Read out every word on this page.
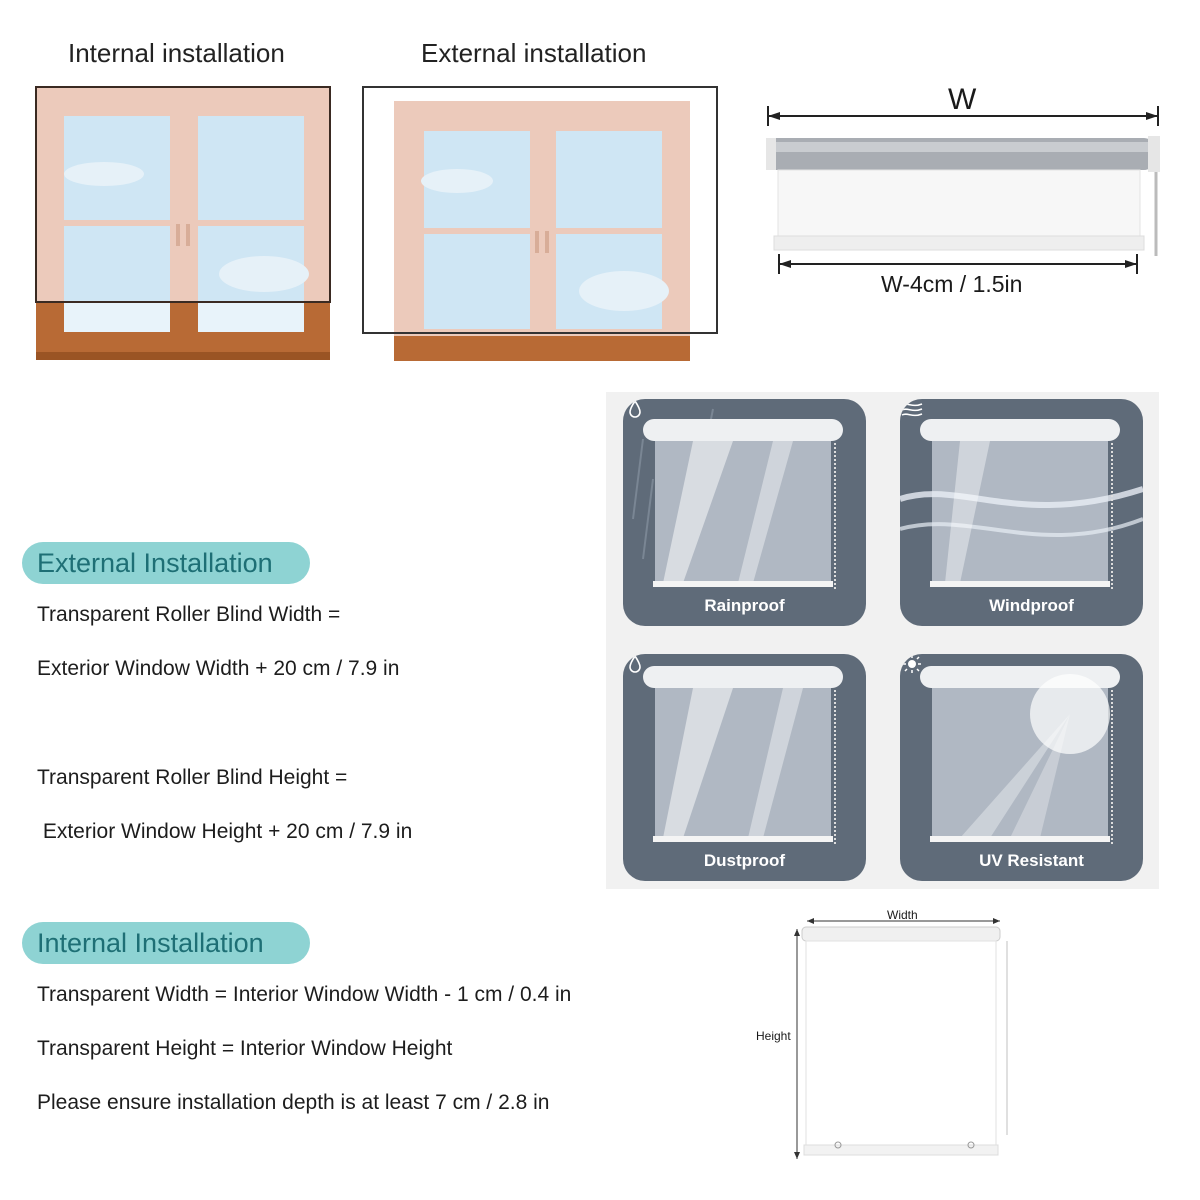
Internal installation	External installation
W
W-4cm / 1.5in
External Installation
Transparent Roller Blind Width =
Exterior Window Width + 20 cm / 7.9 in
Transparent Roller Blind Height =
Exterior Window Height + 20 cm / 7.9 in
Internal Installation
Transparent Width = Interior Window Width - 1 cm / 0.4 in
Transparent Height = Interior Window Height
Please ensure installation depth is at least 7 cm / 2.8 in
Rainproof	Windproof
Dustproof	UV Resistant
Width
Height
